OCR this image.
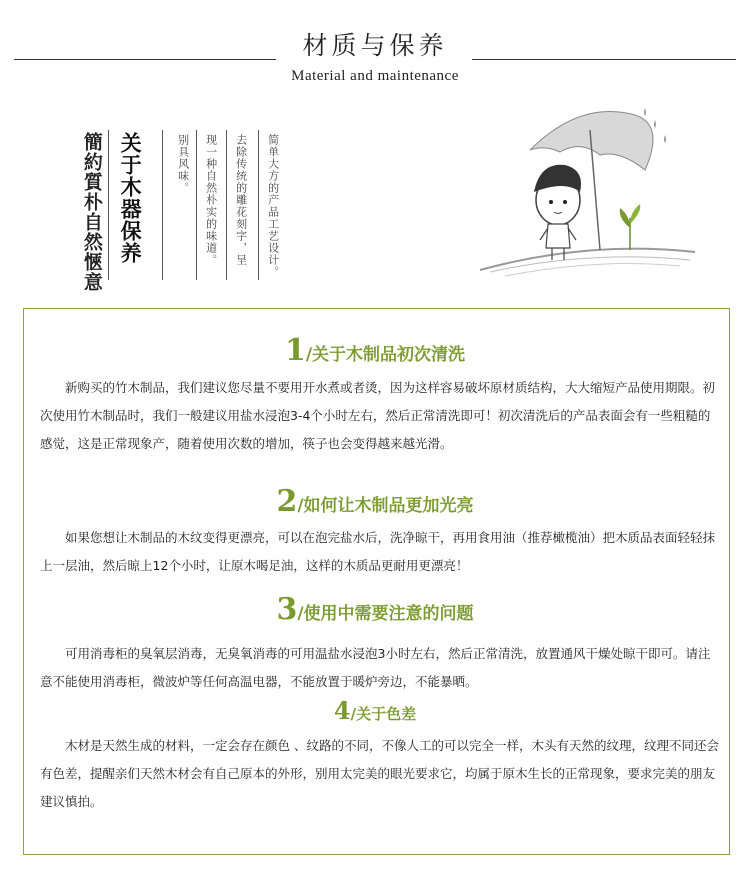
材质与保养
Material and maintenance
簡約質朴自然愜意 关于木器保养	别具风味。 现一种自然朴实的味道。 去除传统的雕花刻字，呈 简单大方的产品工艺设计。
1/关于木制品初次清洗
新购买的竹木制品，我们建议您尽量不要用开水煮或者烫，因为这样容易破坏原材质结构，大大缩短产品使用期限。初次使用竹木制品时，我们一般建议用盐水浸泡3-4个小时左右，然后正常清洗即可！初次清洗后的产品表面会有一些粗糙的感觉，这是正常现象产，随着使用次数的增加，筷子也会变得越来越光滑。
2/如何让木制品更加光亮
如果您想让木制品的木纹变得更漂亮，可以在泡完盐水后，洗净晾干，再用食用油（推荐橄榄油）把木质品表面轻轻抹上一层油，然后晾上12个小时，让原木喝足油，这样的木质品更耐用更漂亮！
3/使用中需要注意的问题
可用消毒柜的臭氧层消毒，无臭氧消毒的可用温盐水浸泡3小时左右，然后正常清洗，放置通风干燥处晾干即可。请注意不能使用消毒柜，微波炉等任何高温电器，不能放置于暖炉旁边，不能暴晒。
4/关于色差
木材是天然生成的材料，一定会存在颜色 、纹路的不同，不像人工的可以完全一样，木头有天然的纹理，纹理不同还会有色差，提醒亲们天然木材会有自己原本的外形，别用太完美的眼光要求它，均属于原木生长的正常现象，要求完美的朋友 建议慎拍。
